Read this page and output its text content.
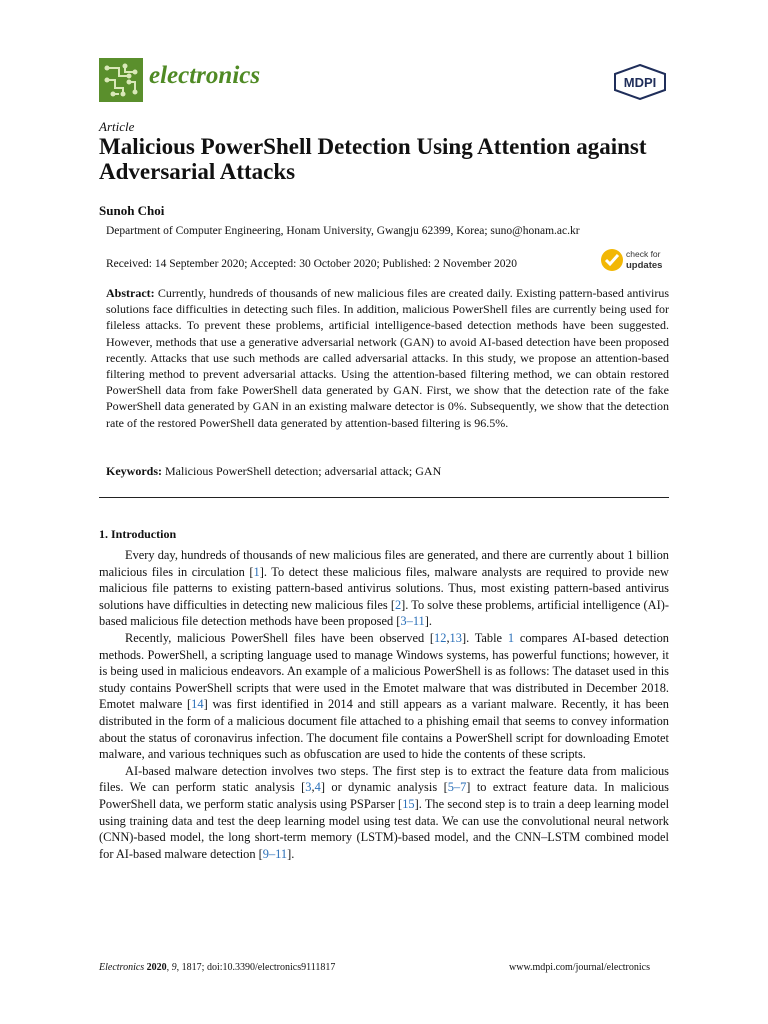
electronics	MDPI
Article
Malicious PowerShell Detection Using Attention against Adversarial Attacks
Sunoh Choi
Department of Computer Engineering, Honam University, Gwangju 62399, Korea; suno@honam.ac.kr
Received: 14 September 2020; Accepted: 30 October 2020; Published: 2 November 2020
check for
updates

Abstract: Currently, hundreds of thousands of new malicious files are created daily. Existing pattern-based antivirus solutions face difficulties in detecting such files. In addition, malicious PowerShell files are currently being used for fileless attacks. To prevent these problems, artificial intelligence-based detection methods have been suggested. However, methods that use a generative adversarial network (GAN) to avoid AI-based detection have been proposed recently. Attacks that use such methods are called adversarial attacks. In this study, we propose an attention-based filtering method to prevent adversarial attacks. Using the attention-based filtering method, we can obtain restored PowerShell data from fake PowerShell data generated by GAN. First, we show that the detection rate of the fake PowerShell data generated by GAN in an existing malware detector is 0%. Subsequently, we show that the detection rate of the restored PowerShell data generated by attention-based filtering is 96.5%.

Keywords: Malicious PowerShell detection; adversarial attack; GAN

1. Introduction

Every day, hundreds of thousands of new malicious files are generated, and there are currently about 1 billion malicious files in circulation [1]. To detect these malicious files, malware analysts are required to provide new malicious file patterns to existing pattern-based antivirus solutions. Thus, most existing pattern-based antivirus solutions have difficulties in detecting new malicious files [2]. To solve these problems, artificial intelligence (AI)-based malicious file detection methods have been proposed [3–11].

Recently, malicious PowerShell files have been observed [12,13]. Table 1 compares AI-based detection methods. PowerShell, a scripting language used to manage Windows systems, has powerful functions; however, it is being used in malicious endeavors. An example of a malicious PowerShell is as follows: The dataset used in this study contains PowerShell scripts that were used in the Emotet malware that was distributed in December 2018. Emotet malware [14] was first identified in 2014 and still appears as a variant malware. Recently, it has been distributed in the form of a malicious document file attached to a phishing email that seems to convey information about the status of coronavirus infection. The document file contains a PowerShell script for downloading Emotet malware, and various techniques such as obfuscation are used to hide the contents of these scripts.

AI-based malware detection involves two steps. The first step is to extract the feature data from malicious files. We can perform static analysis [3,4] or dynamic analysis [5–7] to extract feature data. In malicious PowerShell data, we perform static analysis using PSParser [15]. The second step is to train a deep learning model using training data and test the deep learning model using test data. We can use the convolutional neural network (CNN)-based model, the long short-term memory (LSTM)-based model, and the CNN–LSTM combined model for AI-based malware detection [9–11].

Electronics 2020, 9, 1817; doi:10.3390/electronics9111817	www.mdpi.com/journal/electronics
